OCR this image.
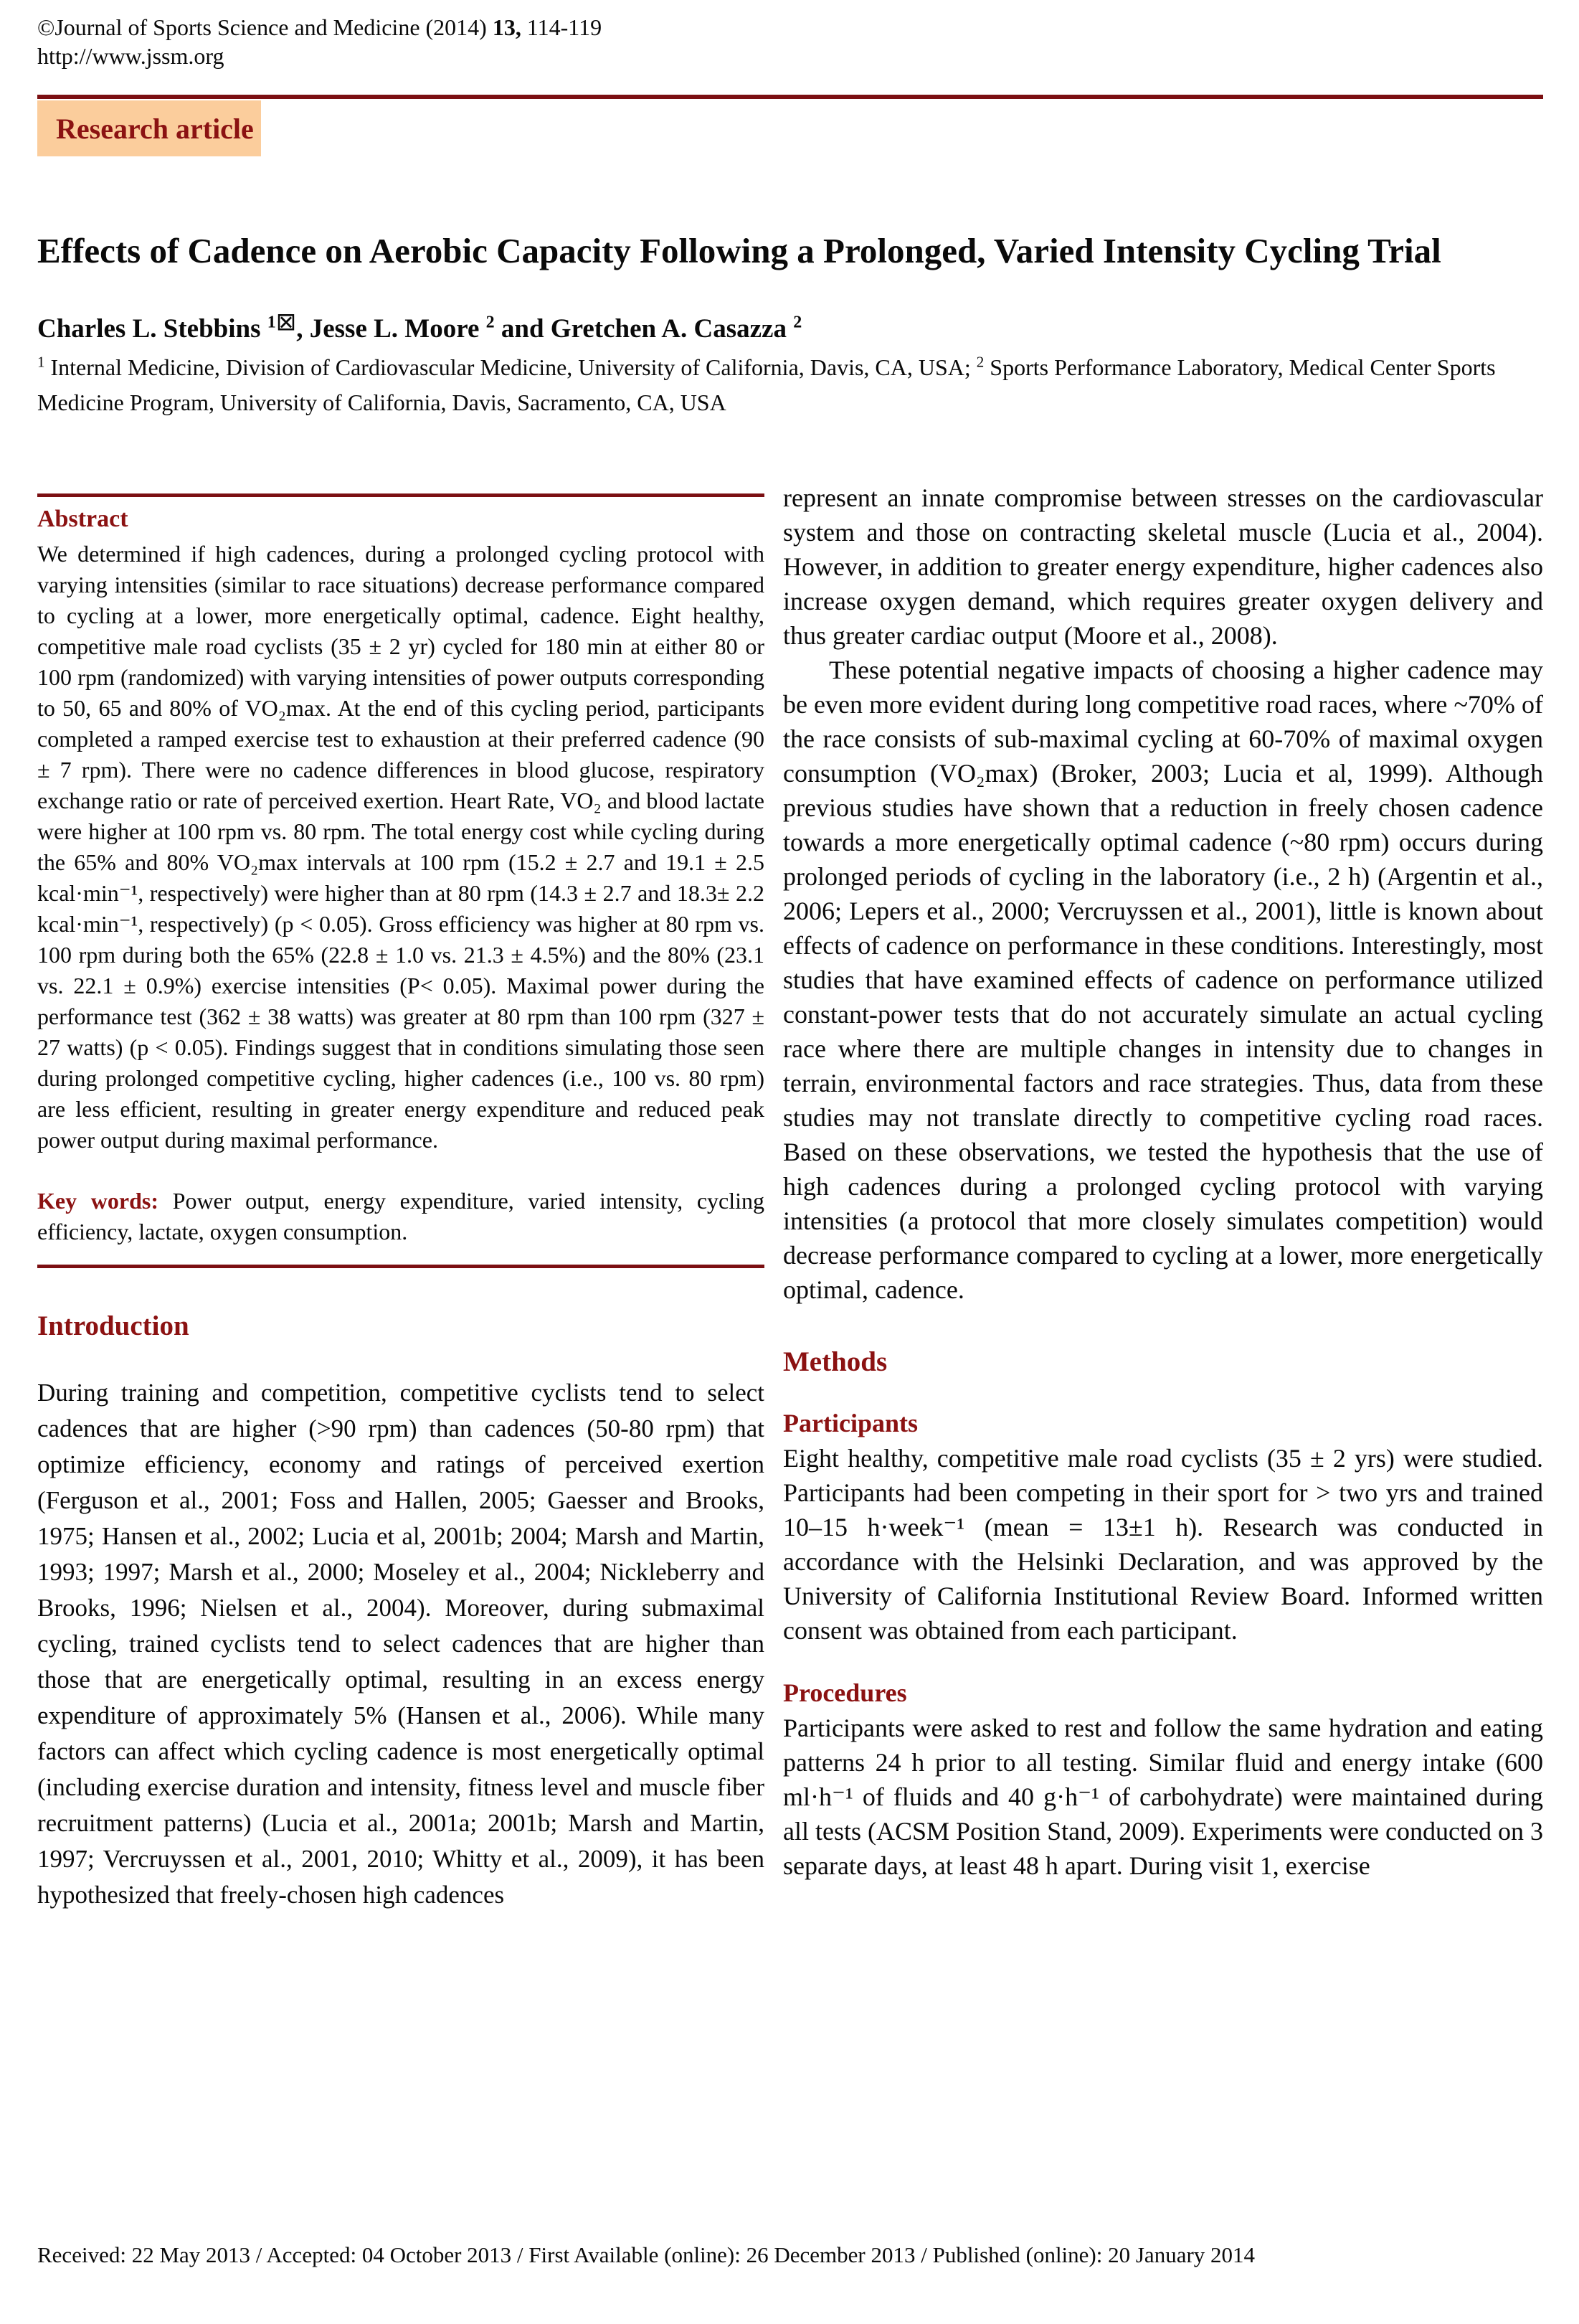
©Journal of Sports Science and Medicine (2014) 13, 114-119
http://www.jssm.org
Research article
Effects of Cadence on Aerobic Capacity Following a Prolonged, Varied Intensity Cycling Trial
Charles L. Stebbins $^1$⊠, Jesse L. Moore $^2$ and Gretchen A. Casazza $^2$
$^1$ Internal Medicine, Division of Cardiovascular Medicine, University of California, Davis, CA, USA; $^2$ Sports Performance Laboratory, Medical Center Sports Medicine Program, University of California, Davis, Sacramento, CA, USA
Abstract
We determined if high cadences, during a prolonged cycling protocol with varying intensities (similar to race situations) decrease performance compared to cycling at a lower, more energetically optimal, cadence. Eight healthy, competitive male road cyclists (35 ± 2 yr) cycled for 180 min at either 80 or 100 rpm (randomized) with varying intensities of power outputs corresponding to 50, 65 and 80% of VO₂max. At the end of this cycling period, participants completed a ramped exercise test to exhaustion at their preferred cadence (90 ± 7 rpm). There were no cadence differences in blood glucose, respiratory exchange ratio or rate of perceived exertion. Heart Rate, VO₂ and blood lactate were higher at 100 rpm vs. 80 rpm. The total energy cost while cycling during the 65% and 80% VO₂max intervals at 100 rpm (15.2 ± 2.7 and 19.1 ± 2.5 kcal·min⁻¹, respectively) were higher than at 80 rpm (14.3 ± 2.7 and 18.3± 2.2 kcal·min⁻¹, respectively) (p < 0.05). Gross efficiency was higher at 80 rpm vs. 100 rpm during both the 65% (22.8 ± 1.0 vs. 21.3 ± 4.5%) and the 80% (23.1 vs. 22.1 ± 0.9%) exercise intensities (P< 0.05). Maximal power during the performance test (362 ± 38 watts) was greater at 80 rpm than 100 rpm (327 ± 27 watts) (p < 0.05). Findings suggest that in conditions simulating those seen during prolonged competitive cycling, higher cadences (i.e., 100 vs. 80 rpm) are less efficient, resulting in greater energy expenditure and reduced peak power output during maximal performance.
Key words: Power output, energy expenditure, varied intensity, cycling efficiency, lactate, oxygen consumption.
Introduction
During training and competition, competitive cyclists tend to select cadences that are higher (>90 rpm) than cadences (50-80 rpm) that optimize efficiency, economy and ratings of perceived exertion (Ferguson et al., 2001; Foss and Hallen, 2005; Gaesser and Brooks, 1975; Hansen et al., 2002; Lucia et al, 2001b; 2004; Marsh and Martin, 1993; 1997; Marsh et al., 2000; Moseley et al., 2004; Nickleberry and Brooks, 1996; Nielsen et al., 2004). Moreover, during submaximal cycling, trained cyclists tend to select cadences that are higher than those that are energetically optimal, resulting in an excess energy expenditure of approximately 5% (Hansen et al., 2006). While many factors can affect which cycling cadence is most energetically optimal (including exercise duration and intensity, fitness level and muscle fiber recruitment patterns) (Lucia et al., 2001a; 2001b; Marsh and Martin, 1997; Vercruyssen et al., 2001, 2010; Whitty et al., 2009), it has been hypothesized that freely-chosen high cadences
represent an innate compromise between stresses on the cardiovascular system and those on contracting skeletal muscle (Lucia et al., 2004). However, in addition to greater energy expenditure, higher cadences also increase oxygen demand, which requires greater oxygen delivery and thus greater cardiac output (Moore et al., 2008).
These potential negative impacts of choosing a higher cadence may be even more evident during long competitive road races, where ~70% of the race consists of sub-maximal cycling at 60-70% of maximal oxygen consumption (VO₂max) (Broker, 2003; Lucia et al, 1999). Although previous studies have shown that a reduction in freely chosen cadence towards a more energetically optimal cadence (~80 rpm) occurs during prolonged periods of cycling in the laboratory (i.e., 2 h) (Argentin et al., 2006; Lepers et al., 2000; Vercruyssen et al., 2001), little is known about effects of cadence on performance in these conditions. Interestingly, most studies that have examined effects of cadence on performance utilized constant-power tests that do not accurately simulate an actual cycling race where there are multiple changes in intensity due to changes in terrain, environmental factors and race strategies. Thus, data from these studies may not translate directly to competitive cycling road races. Based on these observations, we tested the hypothesis that the use of high cadences during a prolonged cycling protocol with varying intensities (a protocol that more closely simulates competition) would decrease performance compared to cycling at a lower, more energetically optimal, cadence.
Methods
Participants
Eight healthy, competitive male road cyclists (35 ± 2 yrs) were studied. Participants had been competing in their sport for > two yrs and trained 10–15 h·week⁻¹ (mean = 13±1 h). Research was conducted in accordance with the Helsinki Declaration, and was approved by the University of California Institutional Review Board. Informed written consent was obtained from each participant.
Procedures
Participants were asked to rest and follow the same hydration and eating patterns 24 h prior to all testing. Similar fluid and energy intake (600 ml·h⁻¹ of fluids and 40 g·h⁻¹ of carbohydrate) were maintained during all tests (ACSM Position Stand, 2009). Experiments were conducted on 3 separate days, at least 48 h apart. During visit 1, exercise
Received: 22 May 2013 / Accepted: 04 October 2013 / First Available (online): 26 December 2013 / Published (online): 20 January 2014
